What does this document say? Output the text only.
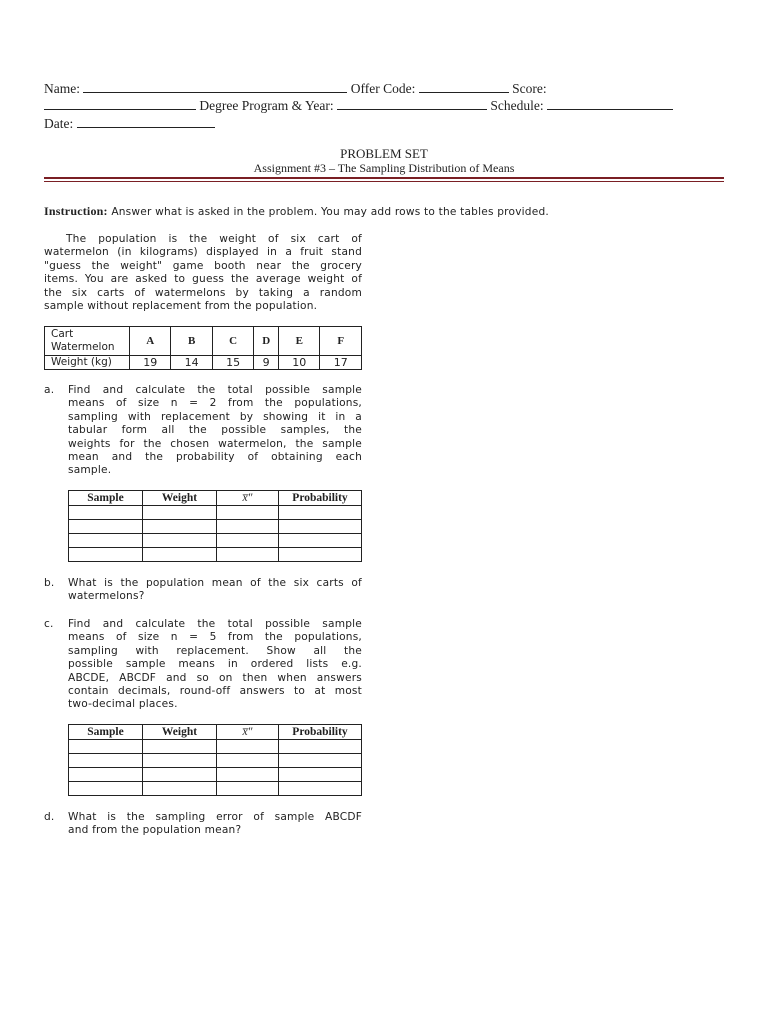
Name:	Offer Code:	Score:
Degree Program & Year:	Schedule:
Date:
PROBLEM SET
Assignment #3 – The Sampling Distribution of Means
Instruction: Answer what is asked in the problem. You may add rows to the tables provided.
The population is the weight of six cart of
watermelon (in kilograms) displayed in a fruit stand
"guess the weight" game booth near the grocery
items. You are asked to guess the average weight of
the six carts of watermelons by taking a random
sample without replacement from the population.
Cart
Watermelon	A	B	C	D	E	F
Weight (kg)	19	14	15	9	10	17
a. Find and calculate the total possible sample
means of size n = 2 from the populations,
sampling with replacement by showing it in a
tabular form all the possible samples, the
weights for the chosen watermelon, the sample
mean and the probability of obtaining each
sample.
Sample	Weight	x̅"	Probability

b. What is the population mean of the six carts of
watermelons?
c. Find and calculate the total possible sample
means of size n = 5 from the populations,
sampling with replacement. Show all the
possible sample means in ordered lists e.g.
ABCDE, ABCDF and so on then when answers
contain decimals, round-off answers to at most
two-decimal places.
Sample	Weight	x̅"	Probability

d. What is the sampling error of sample ABCDF
and from the population mean?
